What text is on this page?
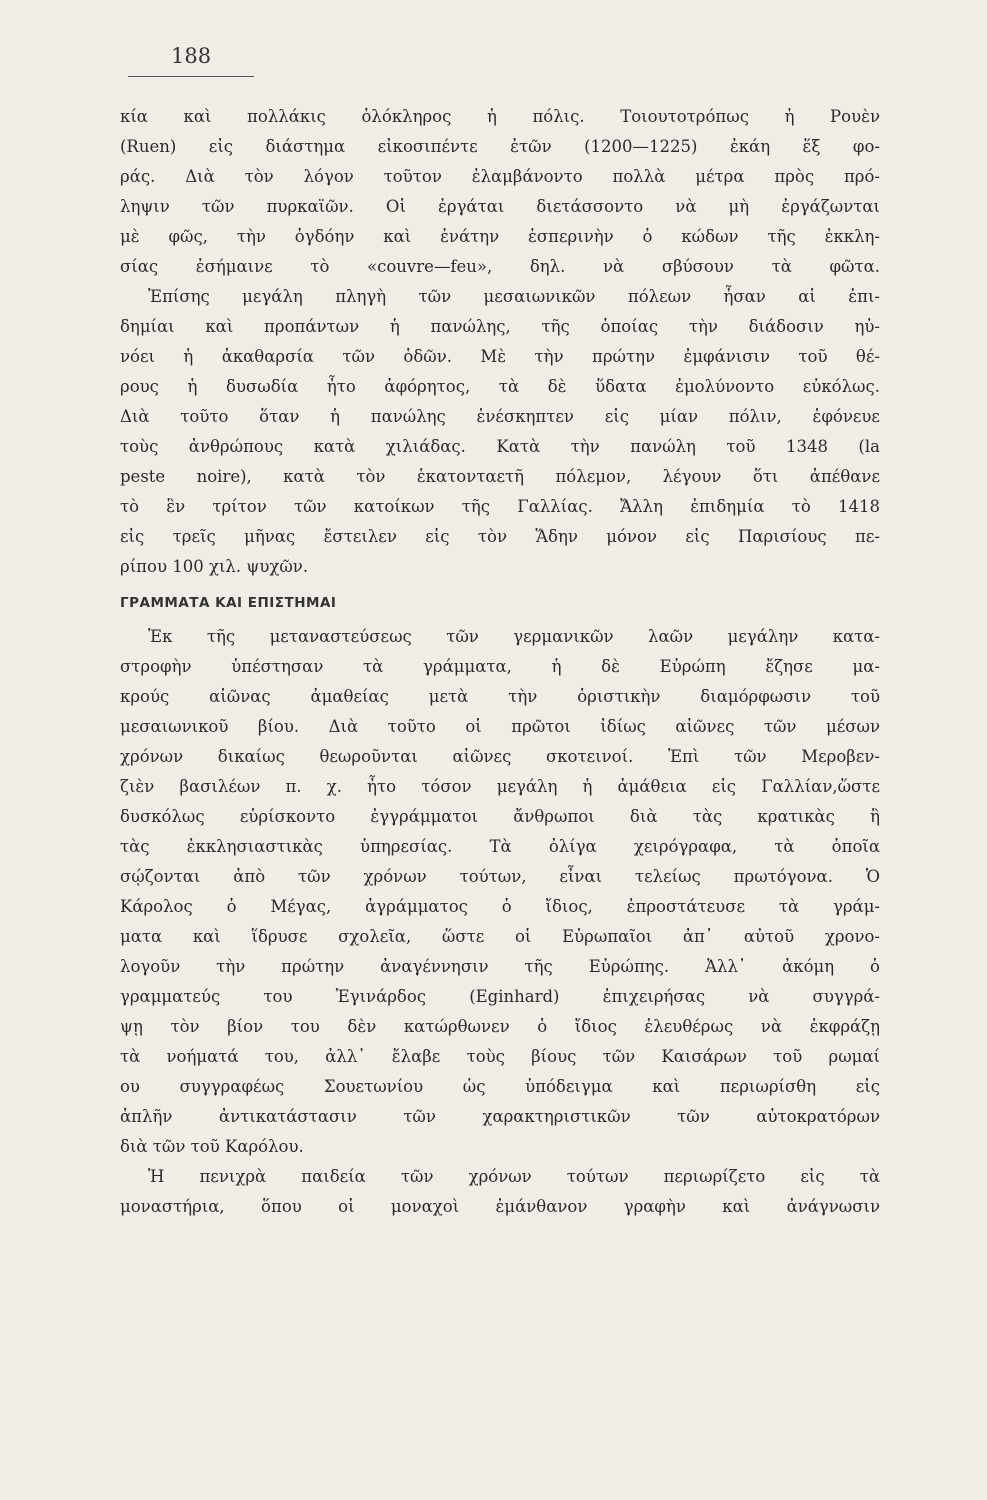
188
κία καὶ πολλάκις ὁλόκληρος ἡ πόλις. Τοιουτοτρόπως ἡ Ρουὲν
(Ruen) εἰς διάστημα εἰκοσιπέντε ἐτῶν (1200—1225) ἐκάη ἕξ φο-
ράς. Διὰ τὸν λόγον τοῦτον ἐλαμβάνοντο πολλὰ μέτρα πρὸς πρό-
ληψιν τῶν πυρκαϊῶν. Οἱ ἐργάται διετάσσοντο νὰ μὴ ἐργάζωνται
μὲ φῶς, τὴν ὀγδόην καὶ ἐνάτην ἑσπερινὴν ὁ κώδων τῆς ἐκκλη-
σίας ἐσήμαινε τὸ «couvre—feu», δηλ. νὰ σβύσουν τὰ φῶτα.
Ἐπίσης μεγάλη πληγὴ τῶν μεσαιωνικῶν πόλεων ἦσαν αἱ ἐπι-
δημίαι καὶ προπάντων ἡ πανώλης, τῆς ὁποίας τὴν διάδοσιν ηὐ-
νόει ἡ ἀκαθαρσία τῶν ὁδῶν. Μὲ τὴν πρώτην ἐμφάνισιν τοῦ θέ-
ρους ἡ δυσωδία ἦτο ἀφόρητος, τὰ δὲ ὕδατα ἐμολύνοντο εὐκόλως.
Διὰ τοῦτο ὅταν ἡ πανώλης ἐνέσκηπτεν εἰς μίαν πόλιν, ἐφόνευε
τοὺς ἀνθρώπους κατὰ χιλιάδας. Κατὰ τὴν πανώλη τοῦ 1348 (la
peste noire), κατὰ τὸν ἑκατονταετῆ πόλεμον, λέγουν ὅτι ἀπέθανε
τὸ ἓν τρίτον τῶν κατοίκων τῆς Γαλλίας. Ἄλλη ἐπιδημία τὸ 1418
εἰς τρεῖς μῆνας ἔστειλεν εἰς τὸν Ἅδην μόνον εἰς Παρισίους πε-
ρίπου 100 χιλ. ψυχῶν.
ΓΡΑΜΜΑΤΑ ΚΑΙ ΕΠΙΣΤΗΜΑΙ
Ἐκ τῆς μεταναστεύσεως τῶν γερμανικῶν λαῶν μεγάλην κατα-
στροφὴν ὑπέστησαν τὰ γράμματα, ἡ δὲ Εὐρώπη ἔζησε μα-
κρούς αἰῶνας ἀμαθείας μετὰ τὴν ὁριστικὴν διαμόρφωσιν τοῦ
μεσαιωνικοῦ βίου. Διὰ τοῦτο οἱ πρῶτοι ἰδίως αἰῶνες τῶν μέσων
χρόνων δικαίως θεωροῦνται αἰῶνες σκοτεινοί. Ἐπὶ τῶν Μεροβεν-
ζιὲν βασιλέων π. χ. ἦτο τόσον μεγάλη ἡ ἀμάθεια εἰς Γαλλίαν,ὥστε
δυσκόλως εὑρίσκοντο ἐγγράμματοι ἄνθρωποι διὰ τὰς κρατικὰς ἢ
τὰς ἐκκλησιαστικὰς ὑπηρεσίας. Τὰ ὀλίγα χειρόγραφα, τὰ ὁποῖα
σῴζονται ἀπὸ τῶν χρόνων τούτων, εἶναι τελείως πρωτόγονα. Ὁ
Κάρολος ὁ Μέγας, ἀγράμματος ὁ ἴδιος, ἐπροστάτευσε τὰ γράμ-
ματα καὶ ἵδρυσε σχολεῖα, ὥστε οἱ Εὐρωπαῖοι ἀπ᾽ αὐτοῦ χρονο-
λογοῦν τὴν πρώτην ἀναγέννησιν τῆς Εὐρώπης. Ἀλλ᾽ ἀκόμη ὁ
γραμματεύς του Ἐγινάρδος (Eginhard) ἐπιχειρήσας νὰ συγγρά-
ψῃ τὸν βίον του δὲν κατώρθωνεν ὁ ἴδιος ἐλευθέρως νὰ ἐκφράζῃ
τὰ νοήματά του, ἀλλ᾽ ἔλαβε τοὺς βίους τῶν Καισάρων τοῦ ρωμαί
ου συγγραφέως Σουετωνίου ὡς ὑπόδειγμα καὶ περιωρίσθη εἰς
ἁπλῆν ἀντικατάστασιν τῶν χαρακτηριστικῶν τῶν αὐτοκρατόρων
διὰ τῶν τοῦ Καρόλου.
Ἡ πενιχρὰ παιδεία τῶν χρόνων τούτων περιωρίζετο εἰς τὰ
μοναστήρια, ὅπου οἱ μοναχοὶ ἐμάνθανον γραφὴν καὶ ἀνάγνωσιν
